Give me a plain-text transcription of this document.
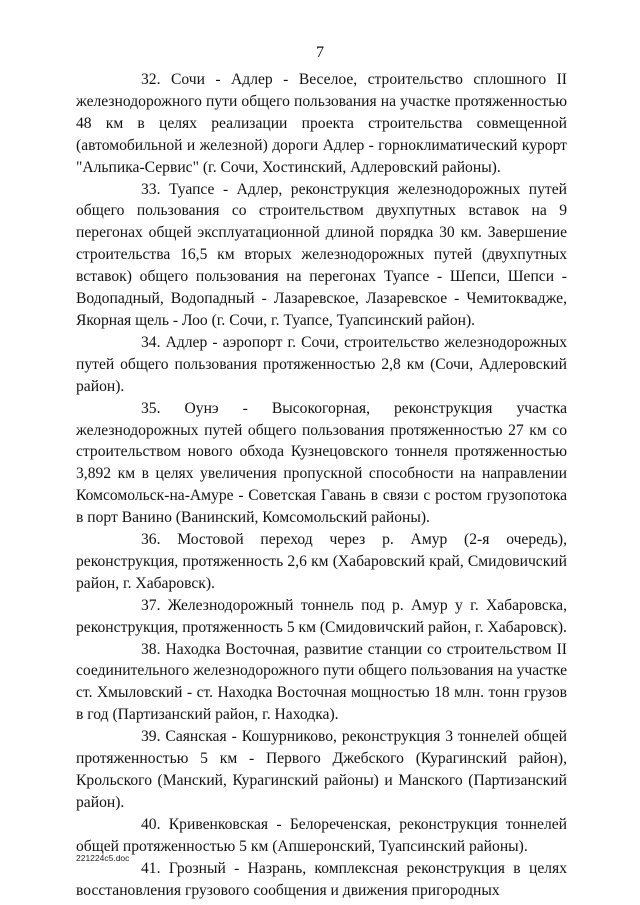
7

32. Сочи - Адлер - Веселое, строительство сплошного II железнодорожного пути общего пользования на участке протяженностью 48 км в целях реализации проекта строительства совмещенной (автомобильной и железной) дороги Адлер - горноклиматический курорт "Альпика-Сервис" (г. Сочи, Хостинский, Адлеровский районы).

33. Туапсе - Адлер, реконструкция железнодорожных путей общего пользования со строительством двухпутных вставок на 9 перегонах общей эксплуатационной длиной порядка 30 км. Завершение строительства 16,5 км вторых железнодорожных путей (двухпутных вставок) общего пользования на перегонах Туапсе - Шепси, Шепси - Водопадный, Водопадный - Лазаревское, Лазаревское - Чемитоквадже, Якорная щель - Лоо (г. Сочи, г. Туапсе, Туапсинский район).

34. Адлер - аэропорт г. Сочи, строительство железнодорожных путей общего пользования протяженностью 2,8 км (Сочи, Адлеровский район).

35. Оунэ - Высокогорная, реконструкция участка железнодорожных путей общего пользования протяженностью 27 км со строительством нового обхода Кузнецовского тоннеля протяженностью 3,892 км в целях увеличения пропускной способности на направлении Комсомольск-на-Амуре - Советская Гавань в связи с ростом грузопотока в порт Ванино (Ванинский, Комсомольский районы).

36. Мостовой переход через р. Амур (2-я очередь), реконструкция, протяженность 2,6 км (Хабаровский край, Смидовичский район, г. Хабаровск).

37. Железнодорожный тоннель под р. Амур у г. Хабаровска, реконструкция, протяженность 5 км (Смидовичский район, г. Хабаровск).

38. Находка Восточная, развитие станции со строительством II соединительного железнодорожного пути общего пользования на участке ст. Хмыловский - ст. Находка Восточная мощностью 18 млн. тонн грузов в год (Партизанский район, г. Находка).

39. Саянская - Кошурниково, реконструкция 3 тоннелей общей протяженностью 5 км - Первого Джебского (Курагинский район), Крольского (Манский, Курагинский районы) и Манского (Партизанский район).

40. Кривенковская - Белореченская, реконструкция тоннелей общей протяженностью 5 км (Апшеронский, Туапсинский районы).

41. Грозный - Назрань, комплексная реконструкция в целях восстановления грузового сообщения и движения пригородных

221224c5.doc
